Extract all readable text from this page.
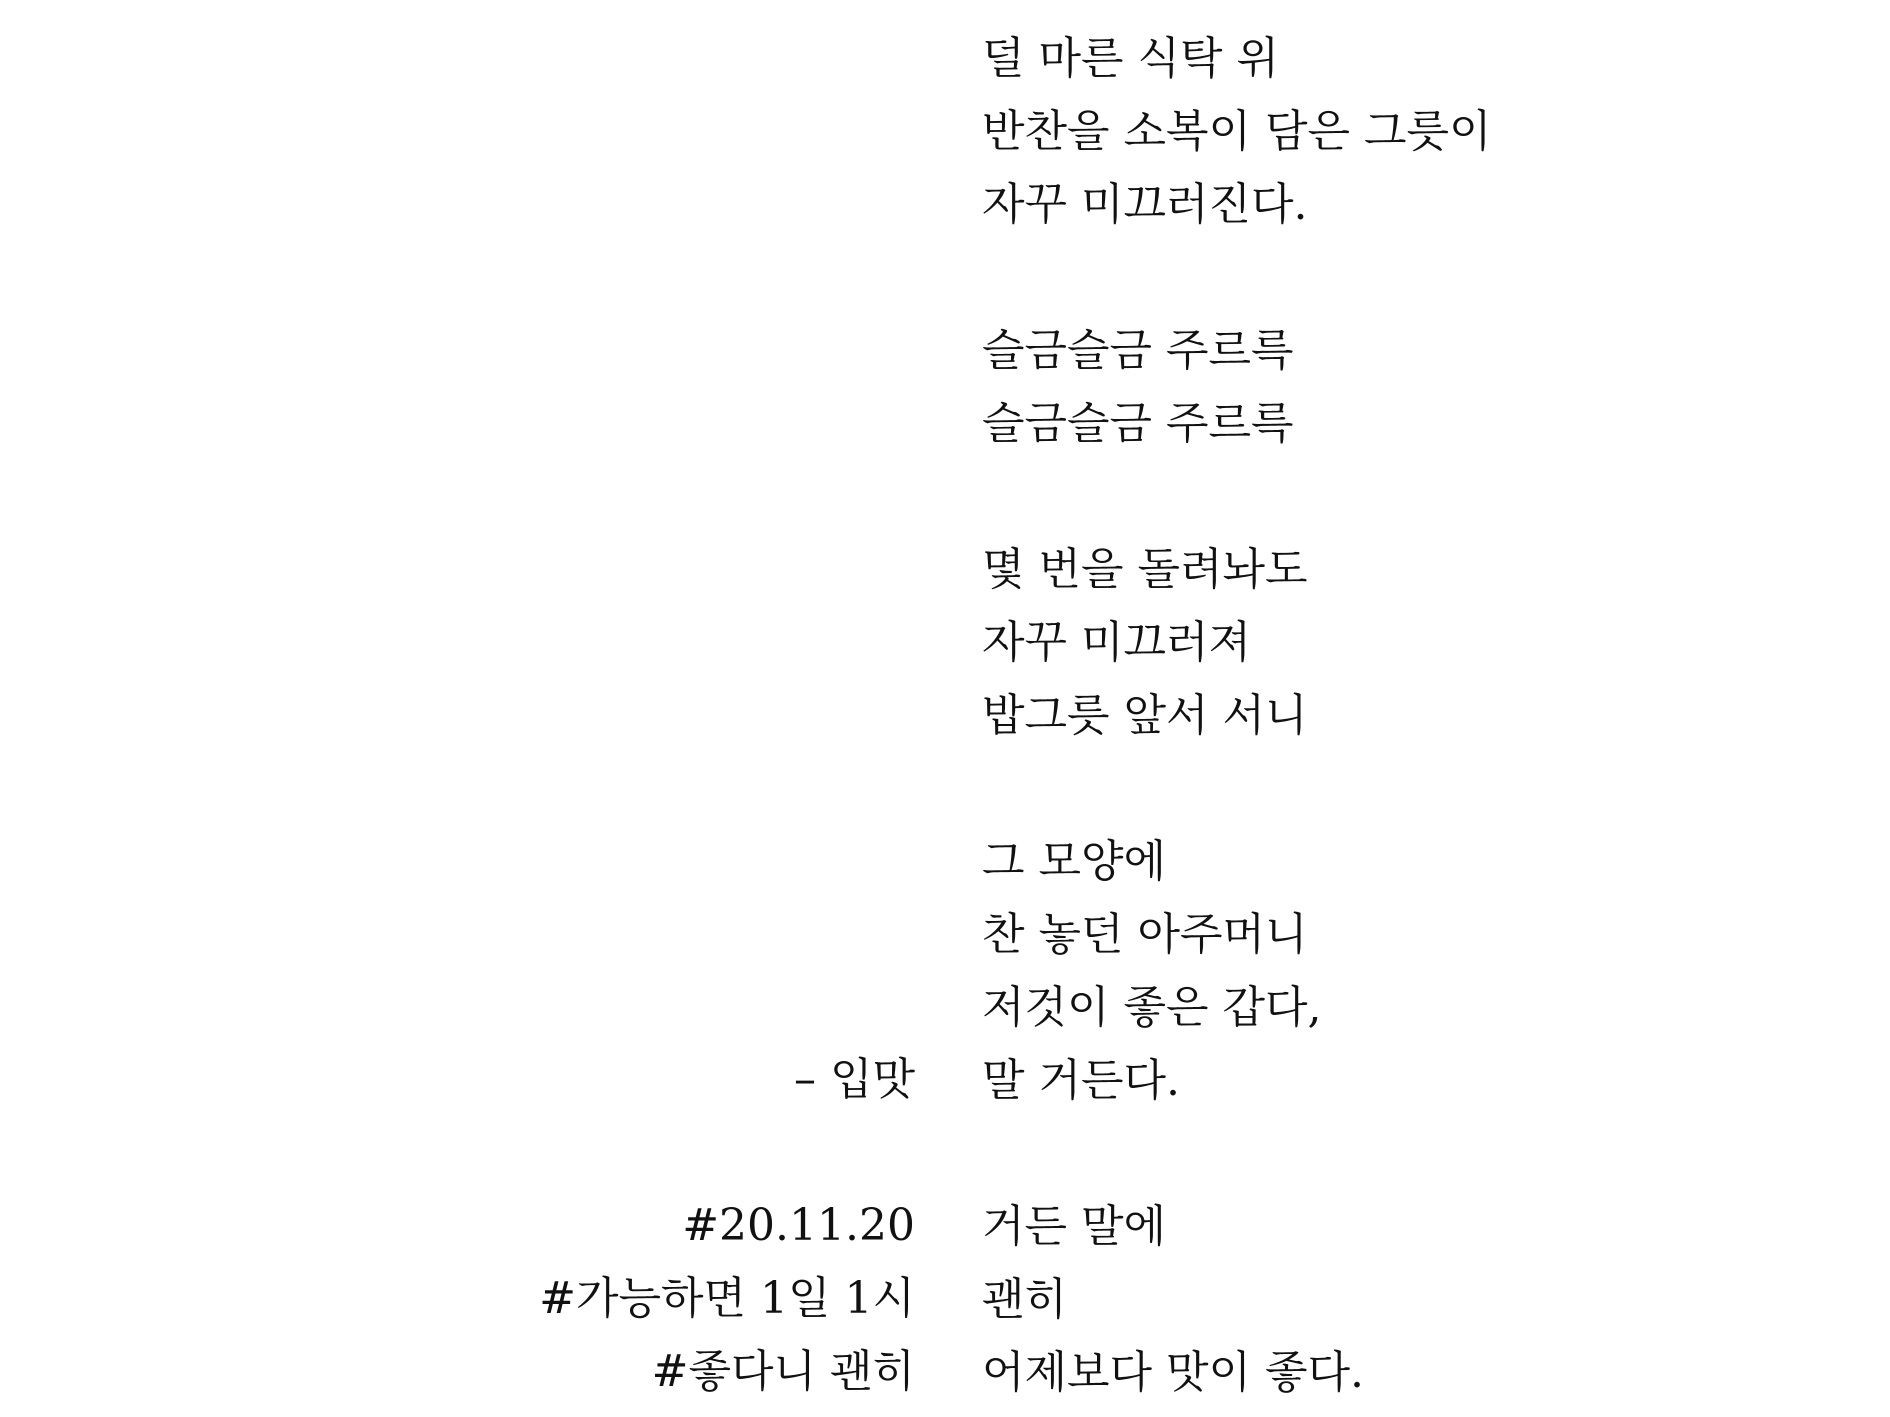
덜 마른 식탁 위
반찬을 소복이 담은 그릇이
자꾸 미끄러진다.
슬금슬금 주르륵
슬금슬금 주르륵
몇 번을 돌려놔도
자꾸 미끄러져
밥그릇 앞서 서니
그 모양에
찬 놓던 아주머니
저것이 좋은 갑다,
말 거든다.
거든 말에
괜히
어제보다 맛이 좋다.
– 입맛
#20.11.20
#가능하면 1일 1시
#좋다니 괜히
